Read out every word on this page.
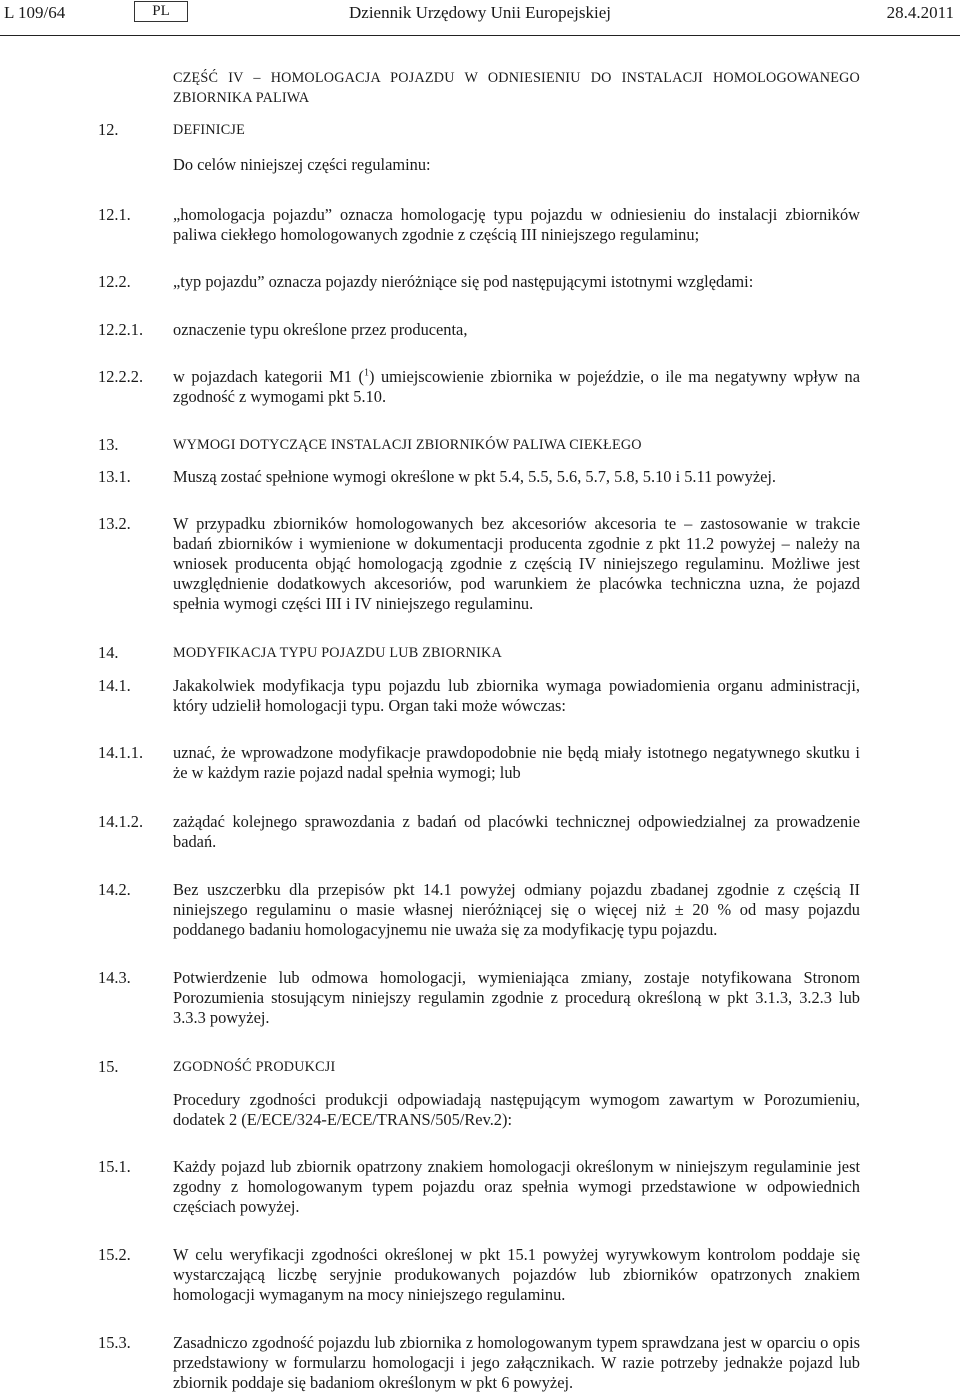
L 109/64	PL	Dziennik Urzędowy Unii Europejskiej	28.4.2011
CZĘŚĆ IV – HOMOLOGACJA POJAZDU W ODNIESIENIU DO INSTALACJI HOMOLOGOWANEGO ZBIORNIKA PALIWA
12.	DEFINICJE
Do celów niniejszej części regulaminu:
12.1.	„homologacja pojazdu” oznacza homologację typu pojazdu w odniesieniu do instalacji zbiorników paliwa ciekłego homologowanych zgodnie z częścią III niniejszego regulaminu;
12.2.	„typ pojazdu” oznacza pojazdy nieróżniące się pod następującymi istotnymi względami:
12.2.1. oznaczenie typu określone przez producenta,
12.2.2. w pojazdach kategorii M1 ($^1$) umiejscowienie zbiornika w pojeździe, o ile ma negatywny wpływ na zgodność z wymogami pkt 5.10.
13.	WYMOGI DOTYCZĄCE INSTALACJI ZBIORNIKÓW PALIWA CIEKŁEGO
13.1.	Muszą zostać spełnione wymogi określone w pkt 5.4, 5.5, 5.6, 5.7, 5.8, 5.10 i 5.11 powyżej.
13.2.	W przypadku zbiorników homologowanych bez akcesoriów akcesoria te – zastosowanie w trakcie badań zbiorników i wymienione w dokumentacji producenta zgodnie z pkt 11.2 powyżej – należy na wniosek producenta objąć homologacją zgodnie z częścią IV niniejszego regulaminu. Możliwe jest uwzględnienie dodatkowych akcesoriów, pod warunkiem że placówka techniczna uzna, że pojazd spełnia wymogi części III i IV niniejszego regulaminu.
14.	MODYFIKACJA TYPU POJAZDU LUB ZBIORNIKA
14.1.	Jakakolwiek modyfikacja typu pojazdu lub zbiornika wymaga powiadomienia organu administracji, który udzielił homologacji typu. Organ taki może wówczas:
14.1.1. uznać, że wprowadzone modyfikacje prawdopodobnie nie będą miały istotnego negatywnego skutku i że w każdym razie pojazd nadal spełnia wymogi; lub
14.1.2. zażądać kolejnego sprawozdania z badań od placówki technicznej odpowiedzialnej za prowadzenie badań.
14.2.	Bez uszczerbku dla przepisów pkt 14.1 powyżej odmiany pojazdu zbadanej zgodnie z częścią II niniejszego regulaminu o masie własnej nieróżniącej się o więcej niż ± 20 % od masy pojazdu poddanego badaniu homologacyjnemu nie uważa się za modyfikację typu pojazdu.
14.3.	Potwierdzenie lub odmowa homologacji, wymieniająca zmiany, zostaje notyfikowana Stronom Porozumienia stosującym niniejszy regulamin zgodnie z procedurą określoną w pkt 3.1.3, 3.2.3 lub 3.3.3 powyżej.
15.	ZGODNOŚĆ PRODUKCJI
Procedury zgodności produkcji odpowiadają następującym wymogom zawartym w Porozumieniu, dodatek 2 (E/ECE/324-E/ECE/TRANS/505/Rev.2):
15.1.	Każdy pojazd lub zbiornik opatrzony znakiem homologacji określonym w niniejszym regulaminie jest zgodny z homologowanym typem pojazdu oraz spełnia wymogi przedstawione w odpowiednich częściach powyżej.
15.2.	W celu weryfikacji zgodności określonej w pkt 15.1 powyżej wyrywkowym kontrolom poddaje się wystarczającą liczbę seryjnie produkowanych pojazdów lub zbiorników opatrzonych znakiem homologacji wymaganym na mocy niniejszego regulaminu.
15.3.	Zasadniczo zgodność pojazdu lub zbiornika z homologowanym typem sprawdzana jest w oparciu o opis przedstawiony w formularzu homologacji i jego załącznikach. W razie potrzeby jednakże pojazd lub zbiornik poddaje się badaniom określonym w pkt 6 powyżej.
